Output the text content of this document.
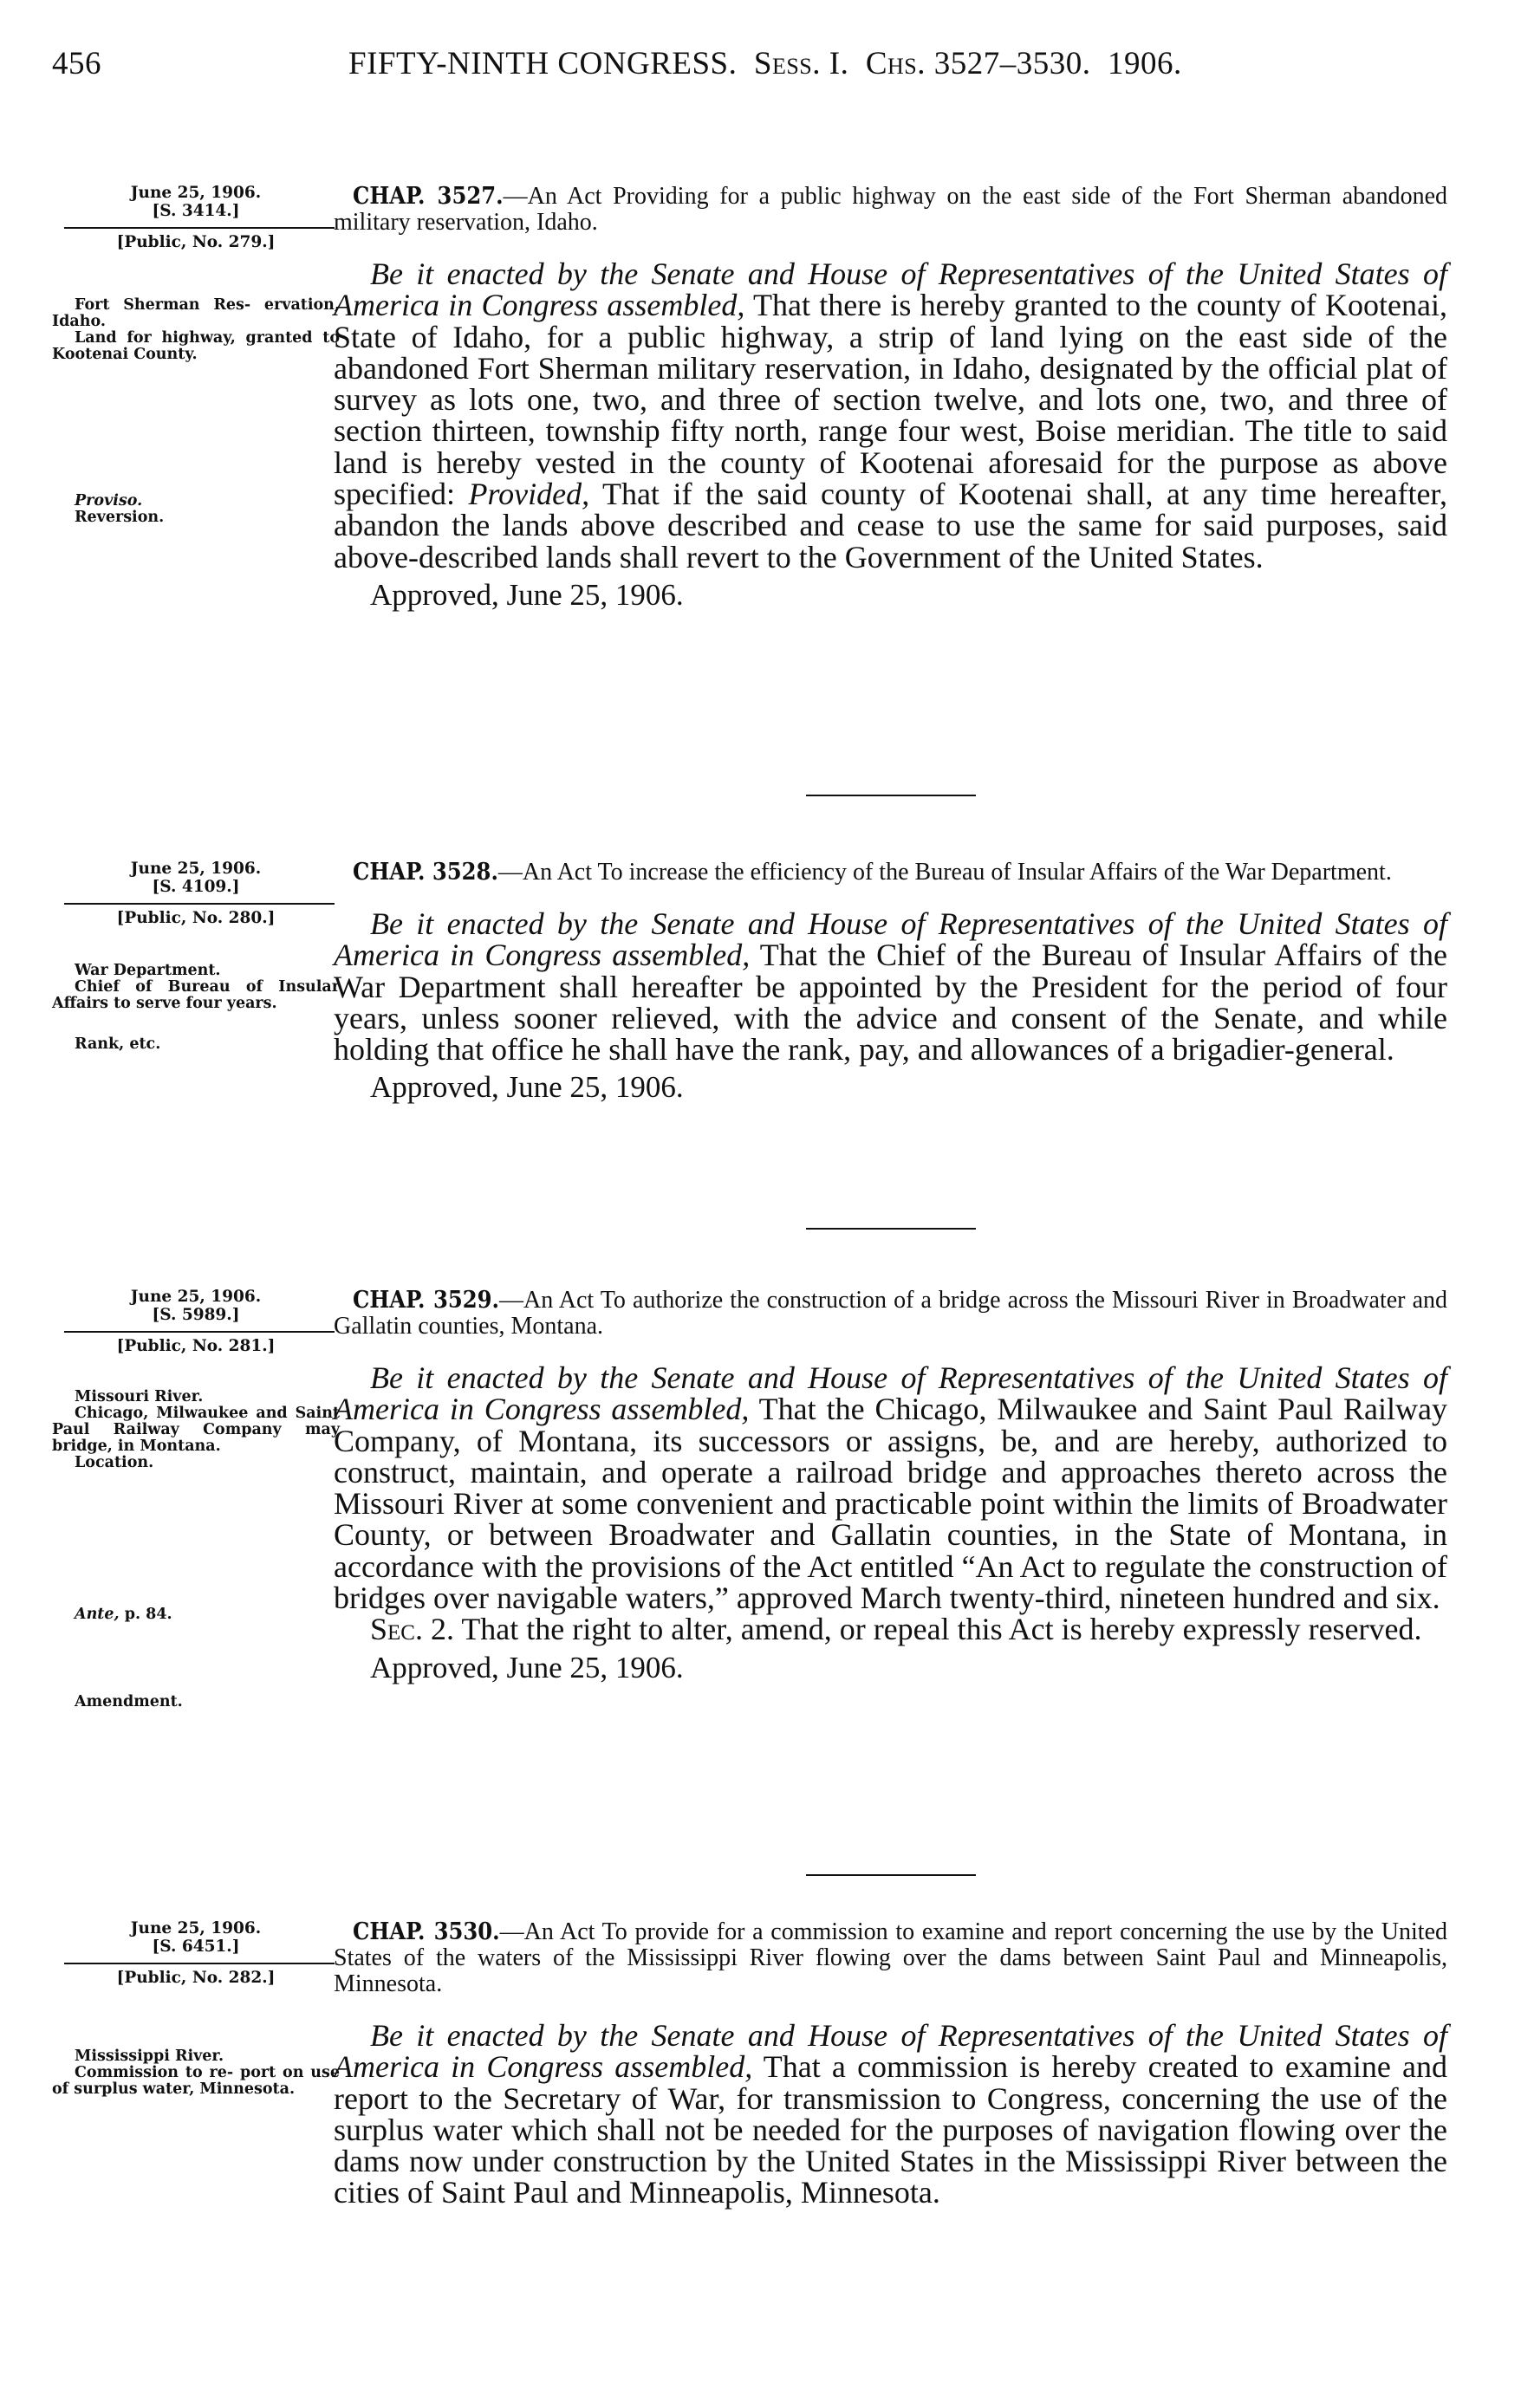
456	FIFTY-NINTH CONGRESS. Sess. I. Chs. 3527–3530. 1906.
June 25, 1906.
[S. 3414.]
[Public, No. 279.]
Fort Sherman Res- ervation, Idaho.
Land for highway, granted to Kootenai County.
Proviso.
Reversion.
CHAP. 3527.—An Act Providing for a public highway on the east side of the Fort Sherman abandoned military reservation, Idaho.
Be it enacted by the Senate and House of Representatives of the United States of America in Congress assembled, That there is hereby granted to the county of Kootenai, State of Idaho, for a public highway, a strip of land lying on the east side of the abandoned Fort Sherman military reservation, in Idaho, designated by the official plat of survey as lots one, two, and three of section twelve, and lots one, two, and three of section thirteen, township fifty north, range four west, Boise meridian. The title to said land is hereby vested in the county of Kootenai aforesaid for the purpose as above specified: Provided, That if the said county of Kootenai shall, at any time hereafter, abandon the lands above described and cease to use the same for said purposes, said above-described lands shall revert to the Government of the United States.
Approved, June 25, 1906.
June 25, 1906.
[S. 4109.]
[Public, No. 280.]
War Department.
Chief of Bureau of Insular Affairs to serve four years.
Rank, etc.
CHAP. 3528.—An Act To increase the efficiency of the Bureau of Insular Affairs of the War Department.
Be it enacted by the Senate and House of Representatives of the United States of America in Congress assembled, That the Chief of the Bureau of Insular Affairs of the War Department shall hereafter be appointed by the President for the period of four years, unless sooner relieved, with the advice and consent of the Senate, and while holding that office he shall have the rank, pay, and allowances of a brigadier-general.
Approved, June 25, 1906.
June 25, 1906.
[S. 5989.]
[Public, No. 281.]
Missouri River.
Chicago, Milwaukee and Saint Paul Railway Company may bridge, in Montana.
Location.
Ante, p. 84.
Amendment.
CHAP. 3529.—An Act To authorize the construction of a bridge across the Missouri River in Broadwater and Gallatin counties, Montana.
Be it enacted by the Senate and House of Representatives of the United States of America in Congress assembled, That the Chicago, Milwaukee and Saint Paul Railway Company, of Montana, its successors or assigns, be, and are hereby, authorized to construct, maintain, and operate a railroad bridge and approaches thereto across the Missouri River at some convenient and practicable point within the limits of Broadwater County, or between Broadwater and Gallatin counties, in the State of Montana, in accordance with the provisions of the Act entitled “An Act to regulate the construction of bridges over navigable waters,” approved March twenty-third, nineteen hundred and six.
Sec. 2. That the right to alter, amend, or repeal this Act is hereby expressly reserved.
Approved, June 25, 1906.
June 25, 1906.
[S. 6451.]
[Public, No. 282.]
Mississippi River.
Commission to re- port on use of surplus water, Minnesota.
CHAP. 3530.—An Act To provide for a commission to examine and report concerning the use by the United States of the waters of the Mississippi River flowing over the dams between Saint Paul and Minneapolis, Minnesota.
Be it enacted by the Senate and House of Representatives of the United States of America in Congress assembled, That a commission is hereby created to examine and report to the Secretary of War, for transmission to Congress, concerning the use of the surplus water which shall not be needed for the purposes of navigation flowing over the dams now under construction by the United States in the Mississippi River between the cities of Saint Paul and Minneapolis, Minnesota.
